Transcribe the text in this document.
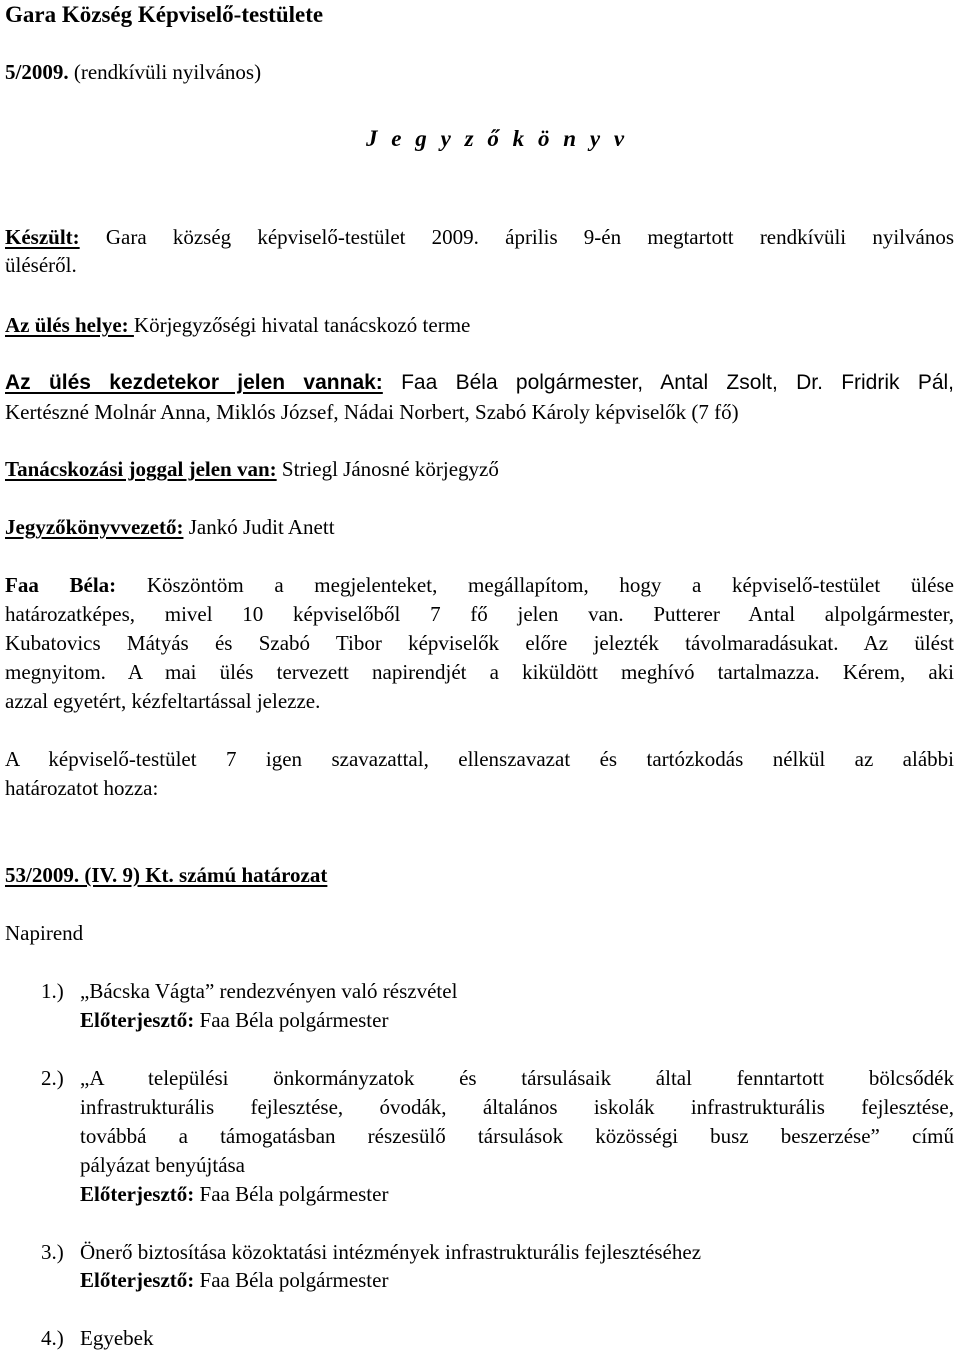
Gara Község Képviselő-testülete
5/2009. (rendkívüli nyilvános)
Jegyzőkönyv
Készült: Gara község képviselő-testület 2009. április 9-én megtartott rendkívüli nyilvános
üléséről.
Az ülés helye: Körjegyzőségi hivatal tanácskozó terme
Az ülés kezdetekor jelen vannak: Faa Béla polgármester, Antal Zsolt, Dr. Fridrik Pál,
Kertészné Molnár Anna, Miklós József, Nádai Norbert, Szabó Károly képviselők (7 fő)
Tanácskozási joggal jelen van: Striegl Jánosné körjegyző
Jegyzőkönyvvezető: Jankó Judit Anett
Faa Béla: Köszöntöm a megjelenteket, megállapítom, hogy a képviselő-testület ülése
határozatképes, mivel 10 képviselőből 7 fő jelen van. Putterer Antal alpolgármester,
Kubatovics Mátyás és Szabó Tibor képviselők előre jelezték távolmaradásukat. Az ülést
megnyitom. A mai ülés tervezett napirendjét a kiküldött meghívó tartalmazza. Kérem, aki
azzal egyetért, kézfeltartással jelezze.
A képviselő-testület 7 igen szavazattal, ellenszavazat és tartózkodás nélkül az alábbi
határozatot hozza:
53/2009. (IV. 9) Kt. számú határozat
Napirend
1.) „Bácska Vágta” rendezvényen való részvétel
Előterjesztő: Faa Béla polgármester
2.) „A települési önkormányzatok és társulásaik által fenntartott bölcsődék
infrastrukturális fejlesztése, óvodák, általános iskolák infrastrukturális fejlesztése,
továbbá a támogatásban részesülő társulások közösségi busz beszerzése” című
pályázat benyújtása
Előterjesztő: Faa Béla polgármester
3.) Önerő biztosítása közoktatási intézmények infrastrukturális fejlesztéséhez
Előterjesztő: Faa Béla polgármester
4.) Egyebek
